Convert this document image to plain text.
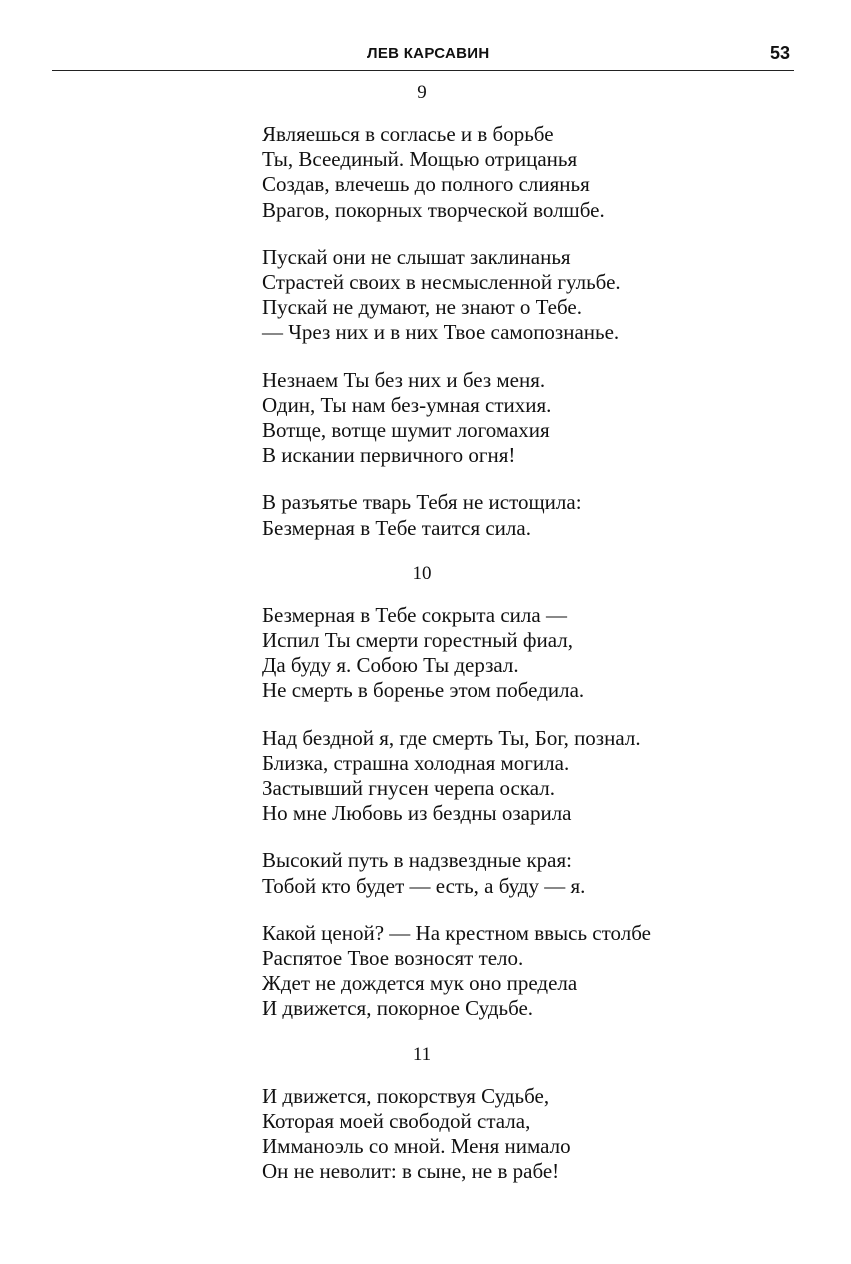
ЛЕВ КАРСАВИН	53
9
Являешься в согласье и в борьбе
Ты, Всеединый. Мощью отрицанья
Создав, влечешь до полного слиянья
Врагов, покорных творческой волшбе.
Пускай они не слышат заклинанья
Страстей своих в несмысленной гульбе.
Пускай не думают, не знают о Тебе.
— Чрез них и в них Твое самопознанье.
Незнаем Ты без них и без меня.
Один, Ты нам без-умная стихия.
Вотще, вотще шумит логомахия
В искании первичного огня!
В разъятье тварь Тебя не истощила:
Безмерная в Тебе таится сила.
10
Безмерная в Тебе сокрыта сила —
Испил Ты смерти горестный фиал,
Да буду я. Собою Ты дерзал.
Не смерть в боренье этом победила.
Над бездной я, где смерть Ты, Бог, познал.
Близка, страшна холодная могила.
Застывший гнусен черепа оскал.
Но мне Любовь из бездны озарила
Высокий путь в надзвездные края:
Тобой кто будет — есть, а буду — я.
Какой ценой? — На крестном ввысь столбе
Распятое Твое возносят тело.
Ждет не дождется мук оно предела
И движется, покорное Судьбе.
11
И движется, покорствуя Судьбе,
Которая моей свободой стала,
Имманоэль со мной. Меня нимало
Он не неволит: в сыне, не в рабе!
